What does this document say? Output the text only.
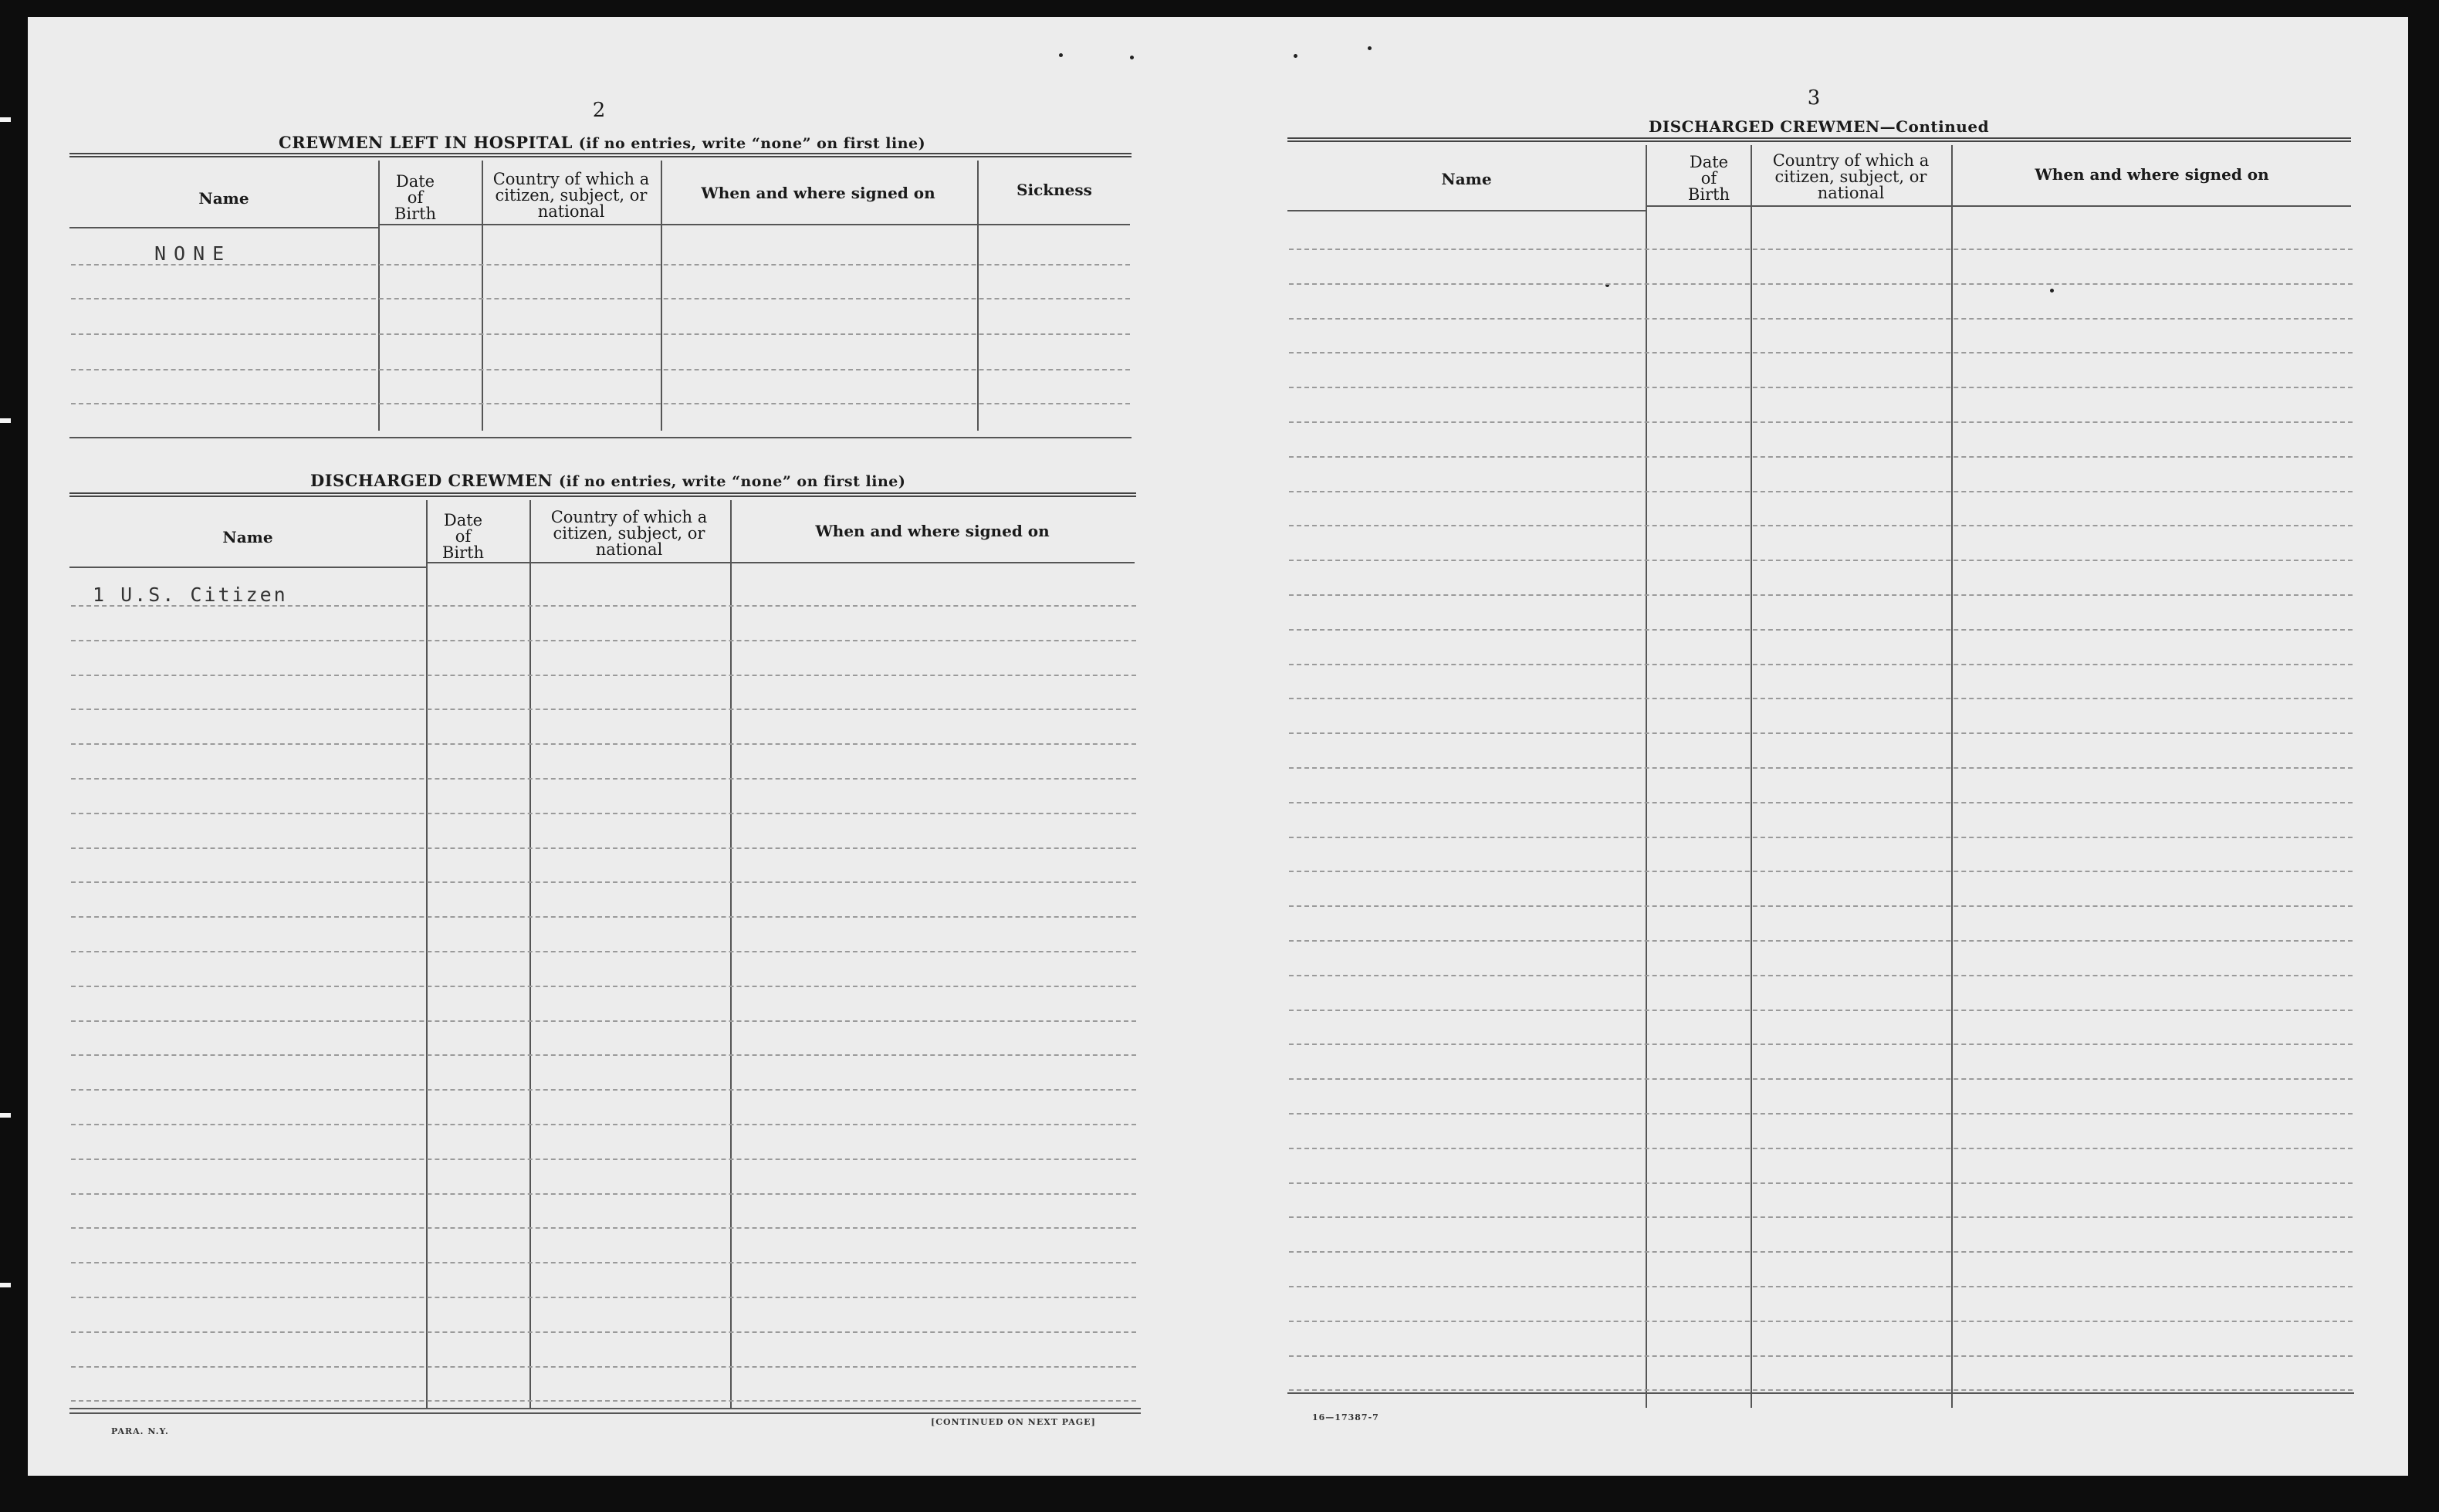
2
CREWMEN LEFT IN HOSPITAL (if no entries, write “none” on first line)
Name
Date of Birth
Country of which a citizen, subject, or national
When and where signed on	Sickness
NONE
DISCHARGED CREWMEN (if no entries, write “none” on first line)
Name
Date of Birth
Country of which a citizen, subject, or national
When and where signed on
1 U.S. Citizen
PARA. N.Y.
[CONTINUED ON NEXT PAGE]
3
DISCHARGED CREWMEN—Continued
Name
Date of Birth
Country of which a citizen, subject, or national
When and where signed on
16—17387-7
